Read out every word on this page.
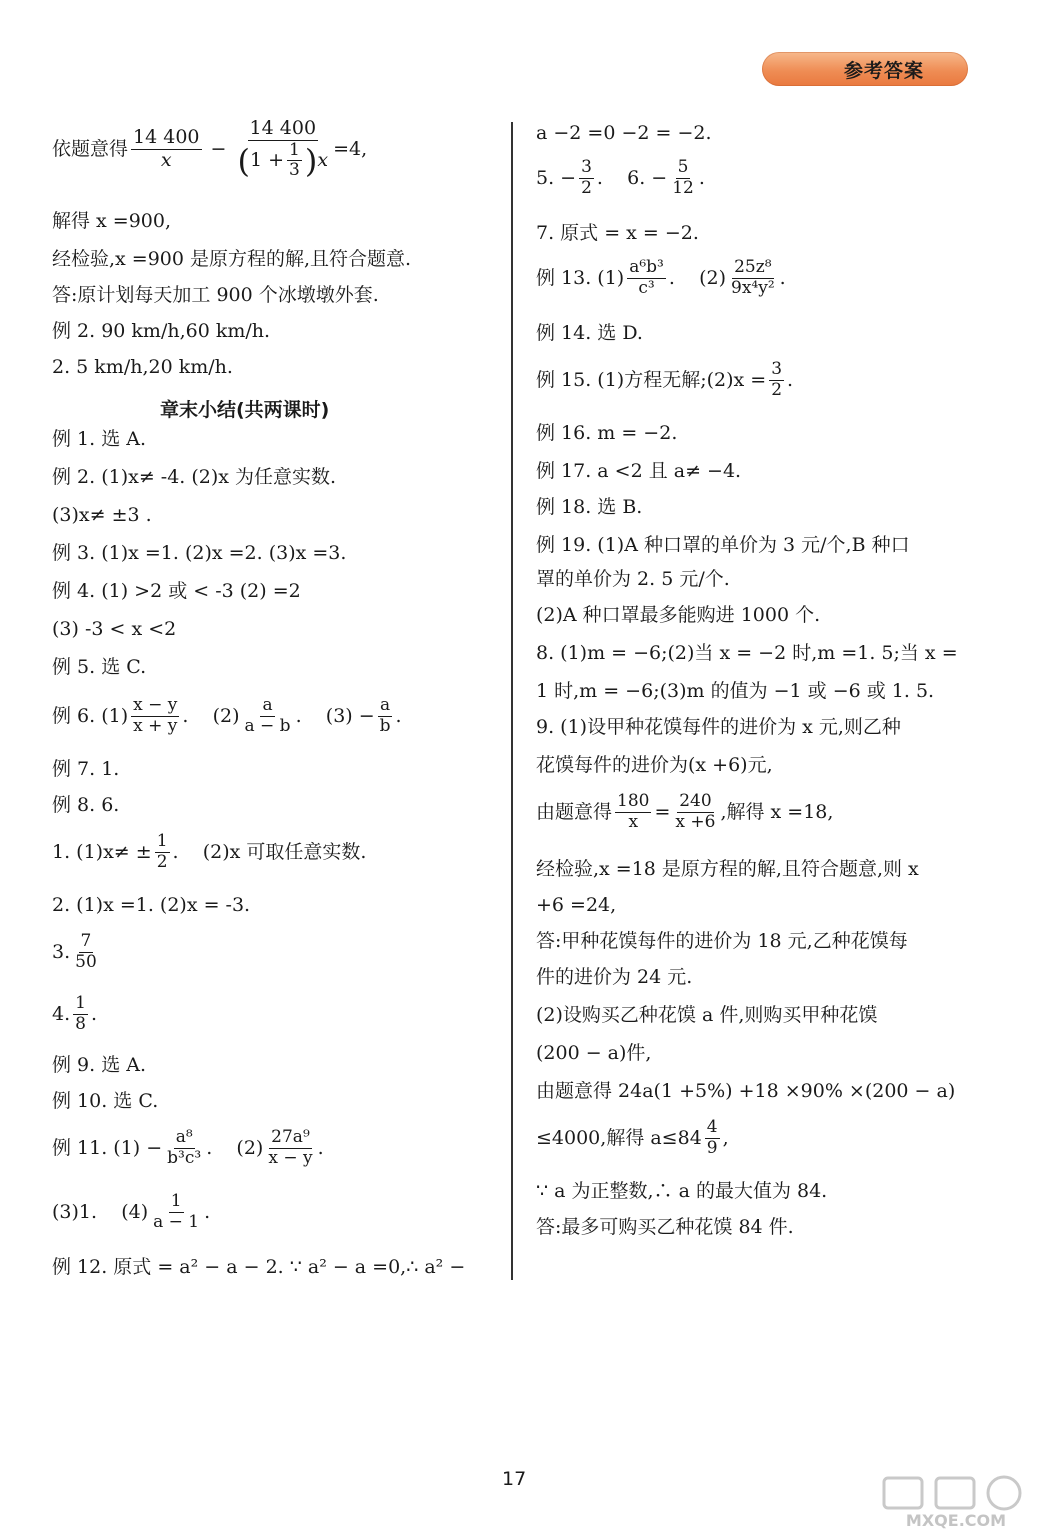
参考答案
依题意得 $\frac{14 400}{x}$ −
14 400
( $1 + \frac{1}{3}$ ) x =4,
解得 x =900,
经检验,x =900 是原方程的解,且符合题意.
答:原计划每天加工 900 个冰墩墩外套.
例 2. 90 km/h,60 km/h.
2. 5 km/h,20 km/h.
章末小结(共两课时)
例 1. 选 A.
例 2. (1)x≠ -4. (2)x 为任意实数.
(3)x≠ ±3 .
例 3. (1)x =1. (2)x =2. (3)x =3.
例 4. (1) >2 或 < -3 (2) =2
(3) -3 < x <2
例 5. 选 C.
例 6. $(1) \frac{x - y}{x + y}$ .    $(2) \frac{a}{a - b}$ .    $(3) - \frac{a}{b}$ .
例 7. 1.
例 8. 6.
1. $(1)x\ne \pm \frac{1}{2}$ .    (2)x 可取任意实数.
2. (1)x =1. (2)x = -3.
3. $\frac{7}{50}$
4. $\frac{1}{8}$ .
例 9. 选 A.
例 10. 选 C.
例 11. $(1) - \frac{\text{a⁸}}{\text{b³c³}}$ .    $(2) \frac{\text{27a⁹}}{x - y}$ .
(3)1.    $(4) \frac{1}{a - 1}$ .
例 12. 原式 = a² − a − 2. ∵ a² − a =0,∴ a² −
a −2 =0 −2 = −2.
5. − $\frac{3}{2}$ .    6. − $\frac{5}{12}$ .
7. 原式 = x = −2.
例 13. $(1) \frac{\text{a⁶b³}}{\text{c³}}$ .    $(2) \frac{\text{25z⁸}}{\text{9x⁴y²}}$ .
例 14. 选 D.
例 15. (1)方程无解;(2)x = $\frac{3}{2}$ .
例 16. m = −2.
例 17. a <2 且 a≠ −4.
例 18. 选 B.
例 19. (1)A 种口罩的单价为 3 元/个,B 种口
罩的单价为 2. 5 元/个.
(2)A 种口罩最多能购进 1000 个.
8. (1)m = −6;(2)当 x = −2 时,m =1. 5;当 x =
1 时,m = −6;(3)m 的值为 −1 或 −6 或 1. 5.
9. (1)设甲种花馍每件的进价为 x 元,则乙种
花馍每件的进价为(x +6)元,
由题意得 $\frac{180}{x} = \frac{240}{x +6}$ ,解得 x =18,
经检验,x =18 是原方程的解,且符合题意,则 x
+6 =24,
答:甲种花馍每件的进价为 18 元,乙种花馍每
件的进价为 24 元.
(2)设购买乙种花馍 a 件,则购买甲种花馍
(200 − a)件,
由题意得 24a(1 +5%) +18 ×90% ×(200 − a)
≤4000,解得 $a\le 84 \frac{4}{9}$ ,
∵ a 为正整数,∴ a 的最大值为 84.
答:最多可购买乙种花馍 84 件.
17
MXQE.COM
